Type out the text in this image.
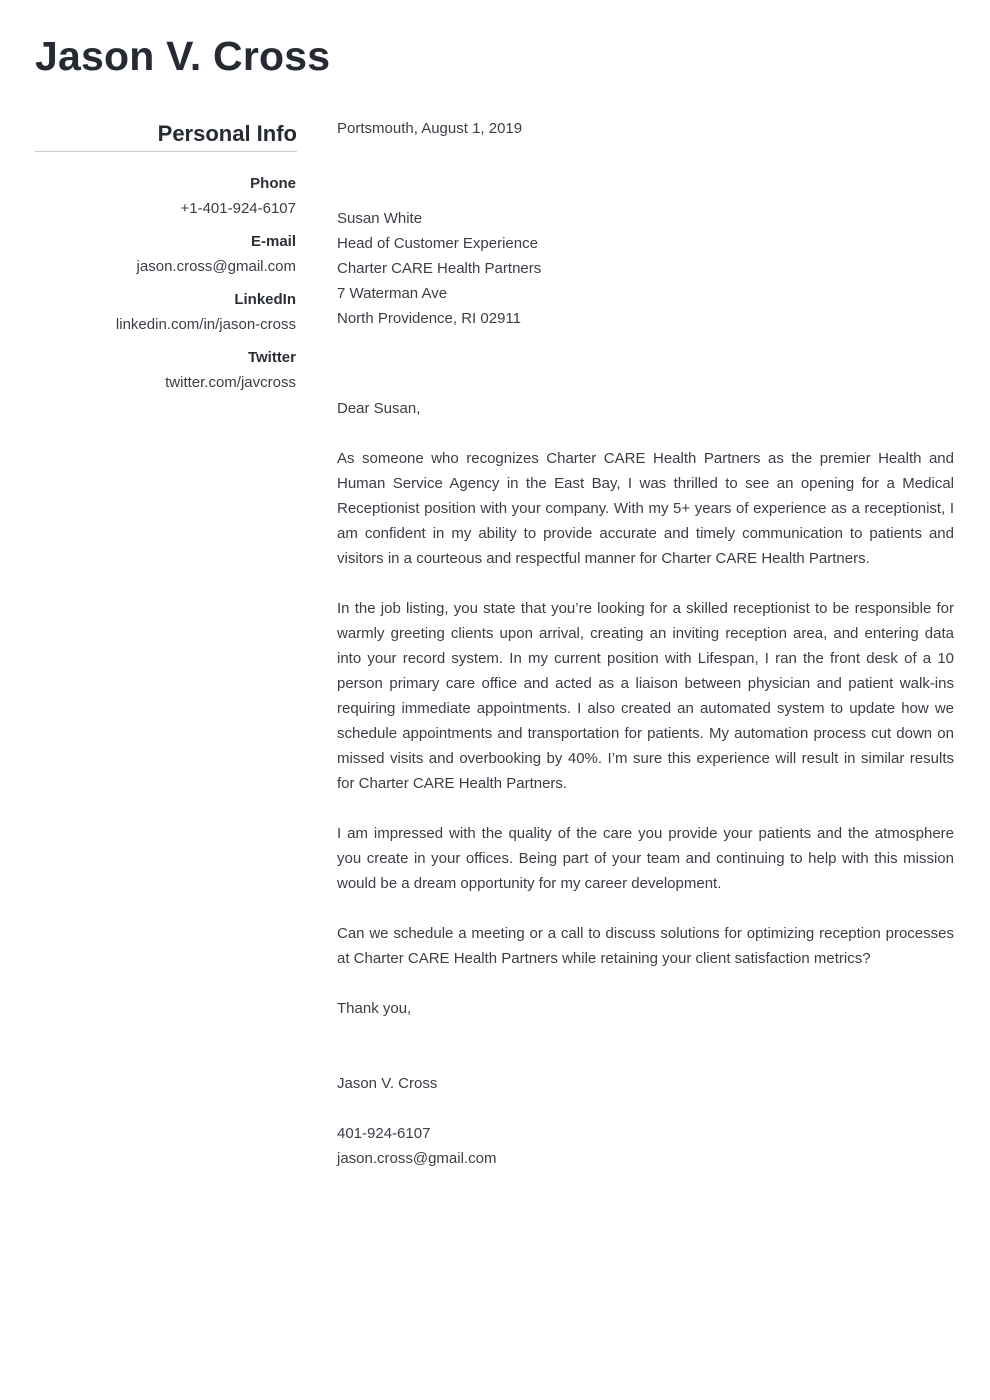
Jason V. Cross
Personal Info
Phone
+1-401-924-6107
E-mail
jason.cross@gmail.com
LinkedIn
linkedin.com/in/jason-cross
Twitter
twitter.com/javcross

Portsmouth, August 1, 2019

Susan White

Head of Customer Experience

Charter CARE Health Partners

7 Waterman Ave

North Providence, RI 02911

Dear Susan,

As someone who recognizes Charter CARE Health Partners as the premier Health and Human Service Agency in the East Bay, I was thrilled to see an opening for a Medical Receptionist position with your company. With my 5+ years of experience as a receptionist, I am confident in my ability to provide accurate and timely communication to patients and visitors in a courteous and respectful manner for Charter CARE Health Partners.

In the job listing, you state that you’re looking for a skilled receptionist to be responsible for warmly greeting clients upon arrival, creating an inviting reception area, and entering data into your record system. In my current position with Lifespan, I ran the front desk of a 10 person primary care office and acted as a liaison between physician and patient walk-ins requiring immediate appointments. I also created an automated system to update how we schedule appointments and transportation for patients. My automation process cut down on missed visits and overbooking by 40%. I’m sure this experience will result in similar results for Charter CARE Health Partners.

I am impressed with the quality of the care you provide your patients and the atmosphere you create in your offices. Being part of your team and continuing to help with this mission would be a dream opportunity for my career development.

Can we schedule a meeting or a call to discuss solutions for optimizing reception processes at Charter CARE Health Partners while retaining your client satisfaction metrics?

Thank you,

Jason V. Cross

401-924-6107

jason.cross@gmail.com
